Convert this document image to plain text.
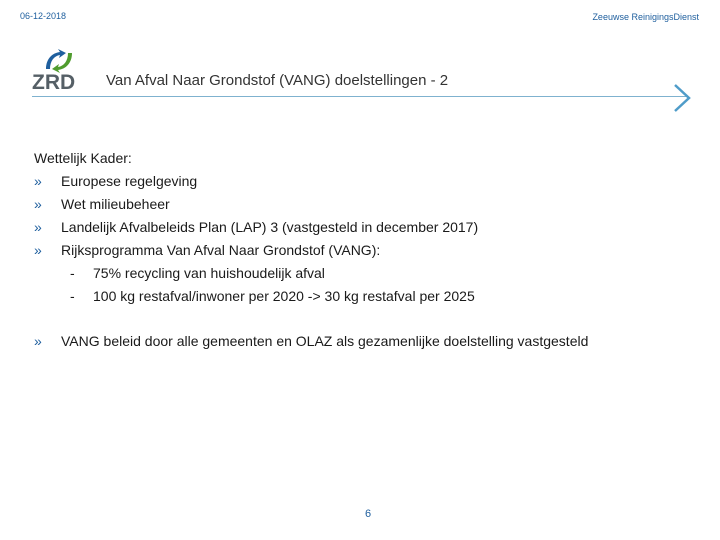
06-12-2018	Zeeuwse ReinigingsDienst
ZRD Van Afval Naar Grondstof (VANG) doelstellingen - 2
Wettelijk Kader:
» Europese regelgeving
» Wet milieubeheer
» Landelijk Afvalbeleids Plan (LAP) 3 (vastgesteld in december 2017)
» Rijksprogramma Van Afval Naar Grondstof (VANG):
- 75% recycling van huishoudelijk afval
- 100 kg restafval/inwoner per 2020 -> 30 kg restafval per 2025
» VANG beleid door alle gemeenten en OLAZ als gezamenlijke doelstelling vastgesteld
6
